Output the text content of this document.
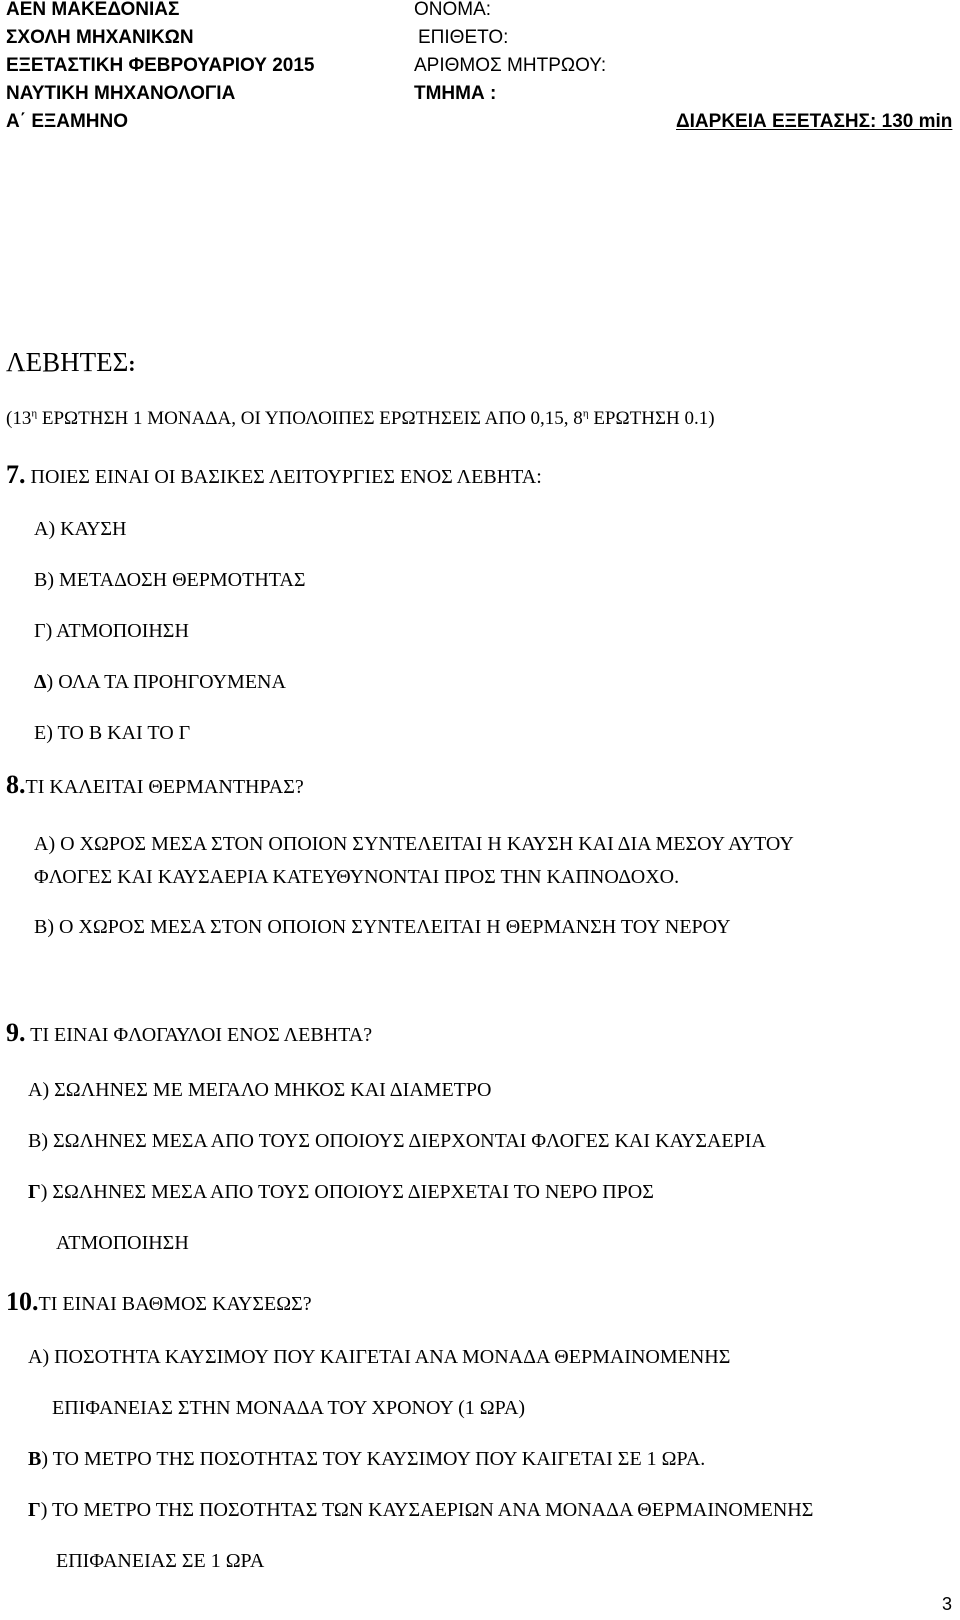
ΑΕΝ ΜΑΚΕΔΟΝΙΑΣ
ΣΧΟΛΗ ΜΗΧΑΝΙΚΩΝ
ΕΞΕΤΑΣΤΙΚΗ ΦΕΒΡΟΥΑΡΙΟΥ 2015
ΝΑΥΤΙΚΗ ΜΗΧΑΝΟΛΟΓΙΑ
Α΄ ΕΞΑΜΗΝΟ
ΟΝΟΜΑ:
ΕΠΙΘΕΤΟ:
ΑΡΙΘΜΟΣ ΜΗΤΡΩΟΥ:
ΤΜΗΜΑ :
ΔΙΑΡΚΕΙΑ ΕΞΕΤΑΣΗΣ: 130 min
ΛΕΒΗΤΕΣ:
($13^\eta$ ΕΡΩΤΗΣΗ 1 ΜΟΝΑΔΑ, ΟΙ ΥΠΟΛΟΙΠΕΣ ΕΡΩΤΗΣΕΙΣ ΑΠΟ 0,15, $8^\eta$ ΕΡΩΤΗΣΗ 0.1)
7. ΠΟΙΕΣ ΕΙΝΑΙ ΟΙ ΒΑΣΙΚΕΣ ΛΕΙΤΟΥΡΓΙΕΣ ΕΝΟΣ ΛΕΒΗΤΑ:
Α) ΚΑΥΣΗ
Β) ΜΕΤΑΔΟΣΗ ΘΕΡΜΟΤΗΤΑΣ
Γ) ΑΤΜΟΠΟΙΗΣΗ
Δ) ΟΛΑ ΤΑ ΠΡΟΗΓΟΥΜΕΝΑ
Ε) ΤΟ Β ΚΑΙ ΤΟ Γ
8.ΤΙ ΚΑΛΕΙΤΑΙ ΘΕΡΜΑΝΤΗΡΑΣ?
Α) Ο ΧΩΡΟΣ ΜΕΣΑ ΣΤΟΝ ΟΠΟΙΟΝ ΣΥΝΤΕΛΕΙΤΑΙ Η ΚΑΥΣΗ ΚΑΙ ΔΙΑ ΜΕΣΟΥ ΑΥΤΟΥ
ΦΛΟΓΕΣ ΚΑΙ ΚΑΥΣΑΕΡΙΑ ΚΑΤΕΥΘΥΝΟΝΤΑΙ ΠΡΟΣ ΤΗΝ ΚΑΠΝΟΔΟΧΟ.
Β) Ο ΧΩΡΟΣ ΜΕΣΑ ΣΤΟΝ ΟΠΟΙΟΝ ΣΥΝΤΕΛΕΙΤΑΙ Η ΘΕΡΜΑΝΣΗ ΤΟΥ ΝΕΡΟΥ
9. ΤΙ ΕΙΝΑΙ ΦΛΟΓΑΥΛΟΙ ΕΝΟΣ ΛΕΒΗΤΑ?
Α) ΣΩΛΗΝΕΣ ΜΕ ΜΕΓΑΛΟ ΜΗΚΟΣ ΚΑΙ ΔΙΑΜΕΤΡΟ
Β) ΣΩΛΗΝΕΣ ΜΕΣΑ ΑΠΟ ΤΟΥΣ ΟΠΟΙΟΥΣ ΔΙΕΡΧΟΝΤΑΙ ΦΛΟΓΕΣ ΚΑΙ ΚΑΥΣΑΕΡΙΑ
Γ) ΣΩΛΗΝΕΣ ΜΕΣΑ ΑΠΟ ΤΟΥΣ ΟΠΟΙΟΥΣ ΔΙΕΡΧΕΤΑΙ ΤΟ ΝΕΡΟ ΠΡΟΣ
ΑΤΜΟΠΟΙΗΣΗ
10.ΤΙ ΕΙΝΑΙ ΒΑΘΜΟΣ ΚΑΥΣΕΩΣ?
Α) ΠΟΣΟΤΗΤΑ ΚΑΥΣΙΜΟΥ ΠΟΥ ΚΑΙΓΕΤΑΙ ΑΝΑ ΜΟΝΑΔΑ ΘΕΡΜΑΙΝΟΜΕΝΗΣ
ΕΠΙΦΑΝΕΙΑΣ ΣΤΗΝ ΜΟΝΑΔΑ ΤΟΥ ΧΡΟΝΟΥ (1 ΩΡΑ)
Β) ΤΟ ΜΕΤΡΟ ΤΗΣ ΠΟΣΟΤΗΤΑΣ ΤΟΥ ΚΑΥΣΙΜΟΥ ΠΟΥ ΚΑΙΓΕΤΑΙ ΣΕ 1 ΩΡΑ.
Γ) ΤΟ ΜΕΤΡΟ ΤΗΣ ΠΟΣΟΤΗΤΑΣ ΤΩΝ ΚΑΥΣΑΕΡΙΩΝ ΑΝΑ ΜΟΝΑΔΑ ΘΕΡΜΑΙΝΟΜΕΝΗΣ
ΕΠΙΦΑΝΕΙΑΣ ΣΕ 1 ΩΡΑ
3
